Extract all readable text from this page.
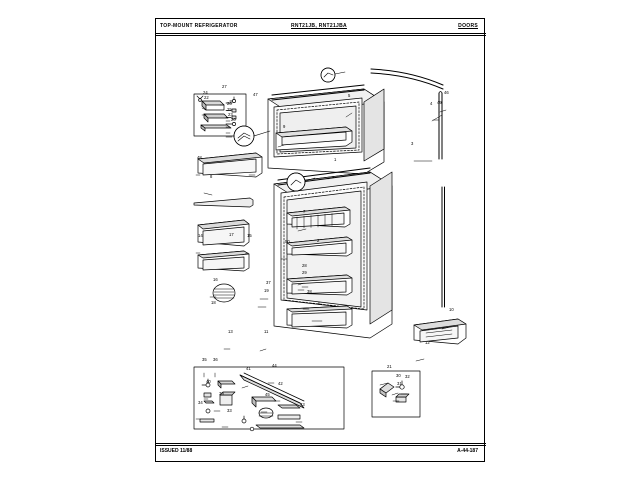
TOP-MOUNT REFRIGERATOR	RNT21JB, RNT21JBA	DOORS
ISSUED 11/88	A-44-187
1
2
3
4
5
6
7
8
9
10
11
12
13
14	15
16
17
18
19
20
21
22
23
24
25
26
27
28
29
30
31
32
33
34
35 36
37
38
39
40
41
42
43
44
45
46
47
48
49
50
